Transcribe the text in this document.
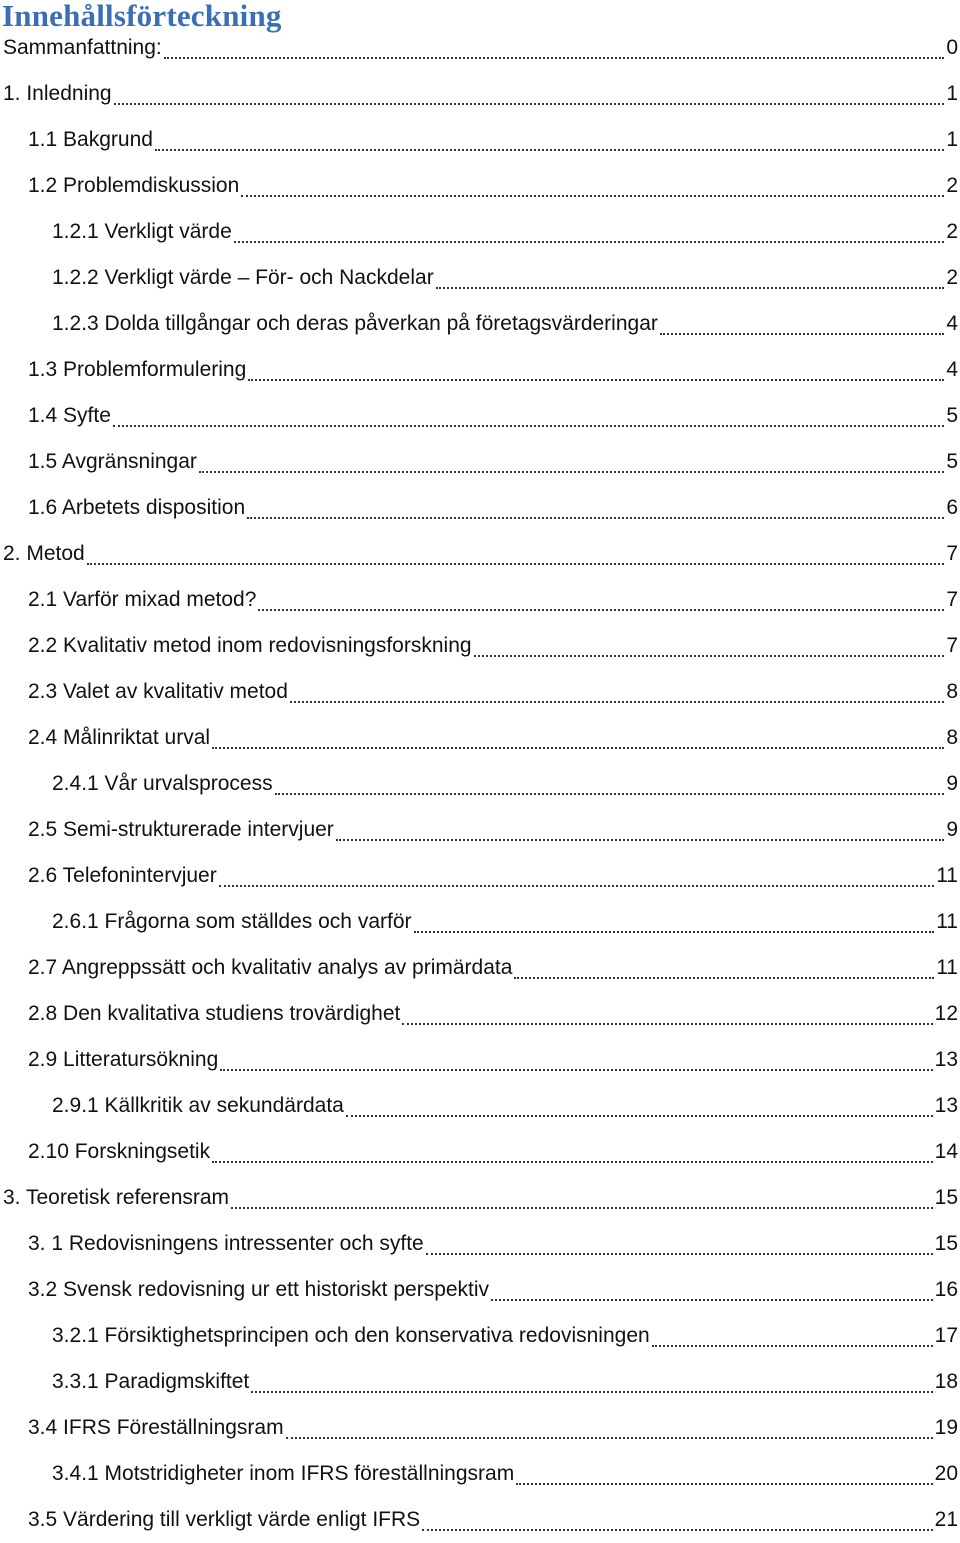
Innehållsförteckning
Sammanfattning:	0
1. Inledning	1
1.1 Bakgrund	1
1.2 Problemdiskussion	2
1.2.1 Verkligt värde	2
1.2.2 Verkligt värde – För- och Nackdelar	2
1.2.3 Dolda tillgångar och deras påverkan på företagsvärderingar	4
1.3 Problemformulering	4
1.4 Syfte	5
1.5 Avgränsningar	5
1.6 Arbetets disposition	6
2. Metod	7
2.1 Varför mixad metod?	7
2.2 Kvalitativ metod inom redovisningsforskning	7
2.3 Valet av kvalitativ metod	8
2.4 Målinriktat urval	8
2.4.1 Vår urvalsprocess	9
2.5 Semi-strukturerade intervjuer	9
2.6 Telefonintervjuer	11
2.6.1 Frågorna som ställdes och varför	11
2.7 Angreppssätt och kvalitativ analys av primärdata	11
2.8 Den kvalitativa studiens trovärdighet	12
2.9 Litteratursökning	13
2.9.1 Källkritik av sekundärdata	13
2.10 Forskningsetik	14
3. Teoretisk referensram	15
3. 1 Redovisningens intressenter och syfte	15
3.2 Svensk redovisning ur ett historiskt perspektiv	16
3.2.1 Försiktighetsprincipen och den konservativa redovisningen	17
3.3.1 Paradigmskiftet	18
3.4 IFRS Föreställningsram	19
3.4.1 Motstridigheter inom IFRS föreställningsram	20
3.5 Värdering till verkligt värde enligt IFRS	21
